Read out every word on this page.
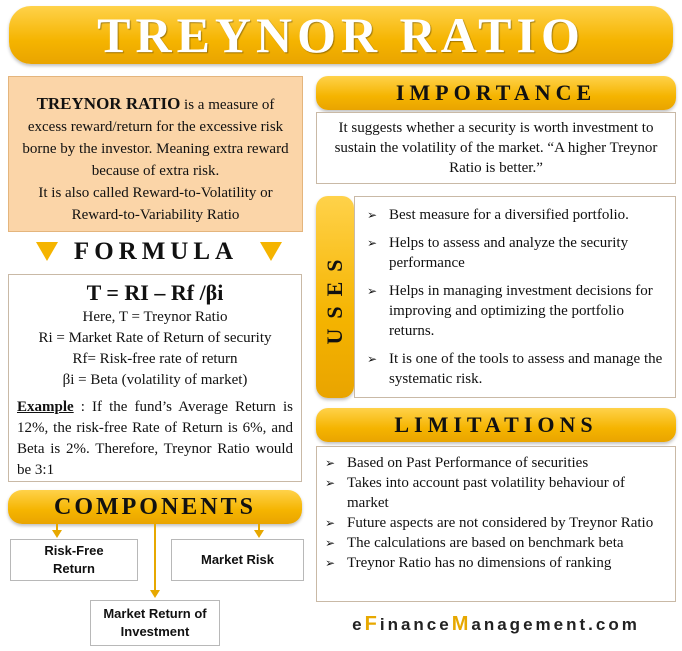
TREYNOR RATIO
TREYNOR RATIO is a measure of excess reward/return for the excessive risk borne by the investor. Meaning extra reward because of extra risk.
It is also called Reward-to-Volatility or Reward-to-Variability Ratio
FORMULA
T = RI – Rf /βi
Here, T = Treynor Ratio
Ri = Market Rate of Return of security
Rf= Risk-free rate of return
βi = Beta (volatility of market)
Example : If the fund’s Average Return is 12%, the risk-free Rate of Return is 6%, and Beta is 2%. Therefore, Treynor Ratio would be 3:1
COMPONENTS
Risk-Free Return
Market Risk
Market Return of Investment
IMPORTANCE
It suggests whether a security is worth investment to sustain the volatility of the market. “A higher Treynor Ratio is better.”
USES
➢ Best measure for a diversified portfolio.
➢ Helps to assess and analyze the security performance
➢ Helps in managing investment decisions for improving and optimizing the portfolio returns.
➢ It is one of the tools to assess and manage the systematic risk.
LIMITATIONS
➢ Based on Past Performance of securities
➢ Takes into account past volatility behaviour of market
➢ Future aspects are not considered by Treynor Ratio
➢ The calculations are based on benchmark beta
➢ Treynor Ratio has no dimensions of ranking
eFinanceManagement.com
